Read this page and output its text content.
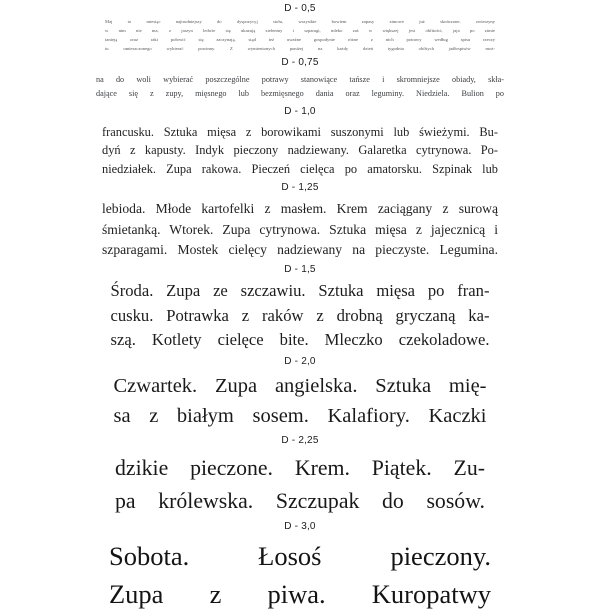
D - 0,5
Maj to miesiąc najtrudniejszy do dyspozycyj stołu, wszystkie bowiem zapasy zimowe już skończone, zwierzyny
w nim nie ma, z jarzyn ledwie się ukazują zieleniny i szparagi, mleko zaś w większej jest obfitości, jaja po zimie
tanieją oraz raki połowić się zaczynają, stąd też uważne gospodynie różne z nich potrawy według spisu rzeczy
tu umieszczonego wybierać powinny. Z wymienionych poniżej na każdy dzień tygodnia obfitych jadłospisów moż-
D - 0,75
na do woli wybierać poszczególne potrawy stanowiące tańsze i skromniejsze obiady, skła-
dające się z zupy, mięsnego lub bezmięsnego dania oraz leguminy. Niedziela. Bulion po
D - 1,0
francusku. Sztuka mięsa z borowikami suszonymi lub świeżymi. Bu-
dyń z kapusty. Indyk pieczony nadziewany. Galaretka cytrynowa. Po-
niedziałek. Zupa rakowa. Pieczeń cielęca po amatorsku. Szpinak lub
D - 1,25
lebioda. Młode kartofelki z masłem. Krem zaciągany z surową
śmietanką. Wtorek. Zupa cytrynowa. Sztuka mięsa z jajecznicą i
szparagami. Mostek cielęcy nadziewany na pieczyste. Legumina.
D - 1,5
Środa. Zupa ze szczawiu. Sztuka mięsa po fran-
cusku. Potrawka z raków z drobną gryczaną ka-
szą. Kotlety cielęce bite. Mleczko czekoladowe.
D - 2,0
Czwartek. Zupa angielska. Sztuka mię-
sa z białym sosem. Kalafiory. Kaczki
D - 2,25
dzikie pieczone. Krem. Piątek. Zu-
pa królewska. Szczupak do sosów.
D - 3,0
Sobota. Łosoś pieczony.
Zupa z piwa. Kuropatwy
